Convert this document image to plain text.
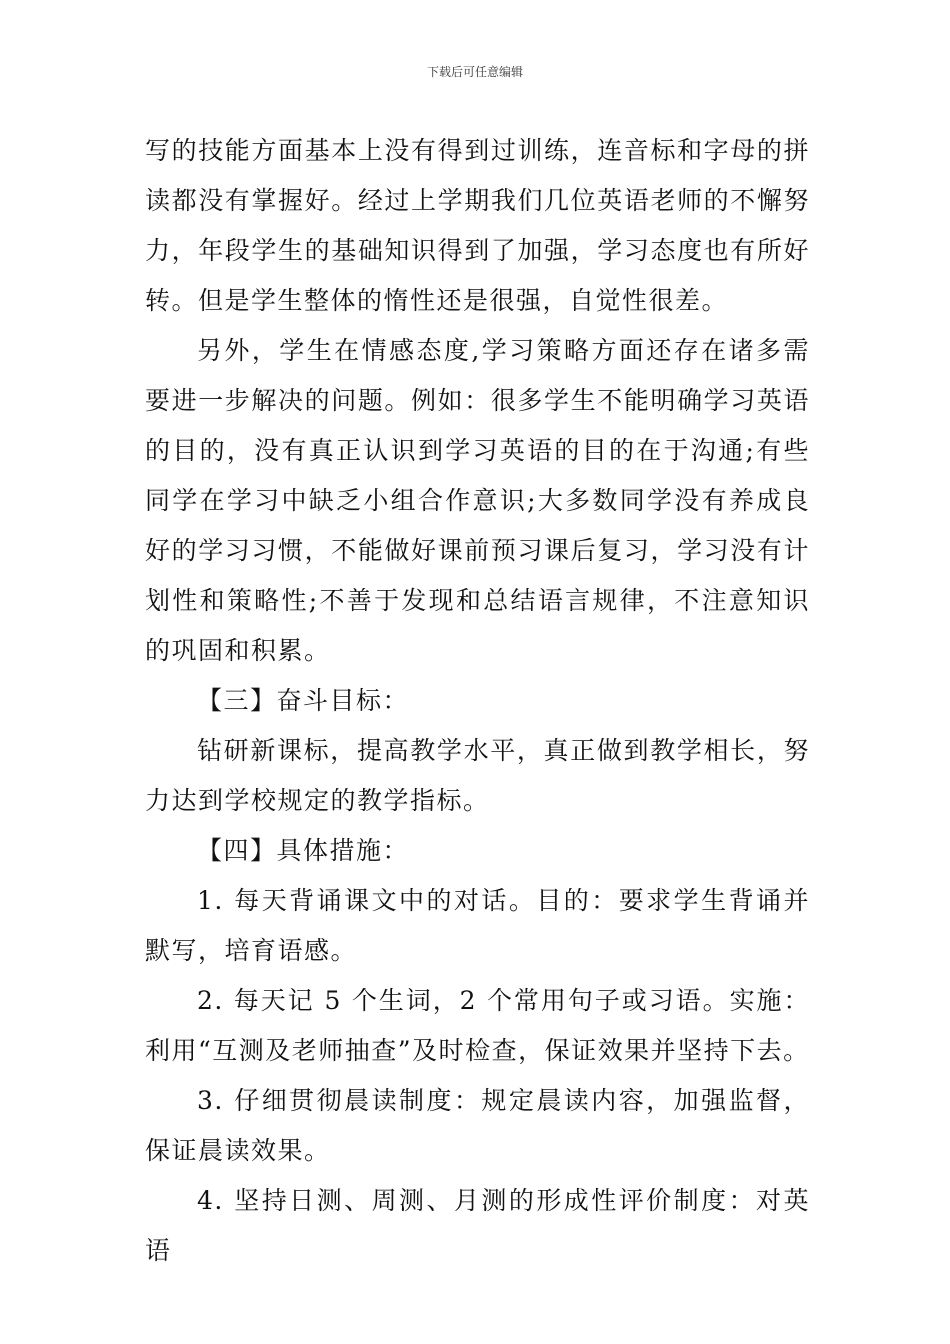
下载后可任意编辑

写的技能方面基本上没有得到过训练，连音标和字母的拼读都没有掌握好。经过上学期我们几位英语老师的不懈努力，年段学生的基础知识得到了加强，学习态度也有所好转。但是学生整体的惰性还是很强，自觉性很差。

另外，学生在情感态度,学习策略方面还存在诸多需要进一步解决的问题。例如：很多学生不能明确学习英语的目的，没有真正认识到学习英语的目的在于沟通;有些同学在学习中缺乏小组合作意识;大多数同学没有养成良好的学习习惯，不能做好课前预习课后复习，学习没有计划性和策略性;不善于发现和总结语言规律，不注意知识的巩固和积累。

【三】奋斗目标：

钻研新课标，提高教学水平，真正做到教学相长，努力达到学校规定的教学指标。

【四】具体措施：

1. 每天背诵课文中的对话。目的：要求学生背诵并默写，培育语感。

2. 每天记 5 个生词，2 个常用句子或习语。实施：利用“互测及老师抽查”及时检查，保证效果并坚持下去。

3. 仔细贯彻晨读制度：规定晨读内容，加强监督，保证晨读效果。

4. 坚持日测、周测、月测的形成性评价制度：对英语
